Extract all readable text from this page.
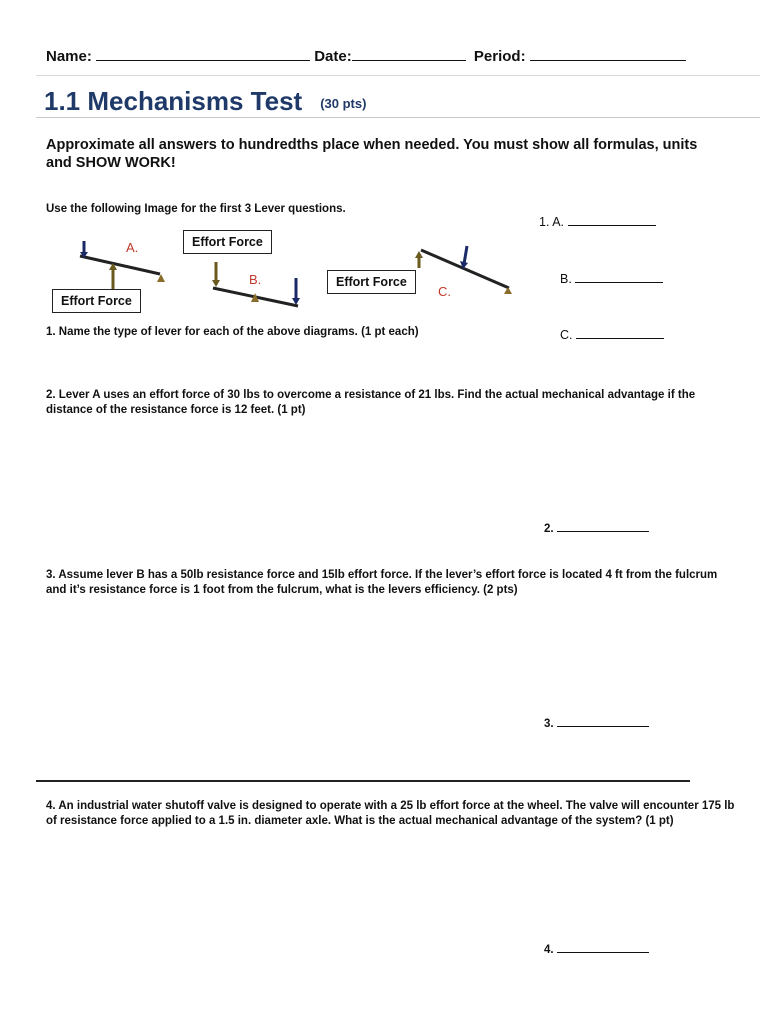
Name:	Date:	Period:
1.1 Mechanisms Test (30 pts)
Approximate all answers to hundredths place when needed. You must show all formulas, units and SHOW WORK!
Use the following Image for the first 3 Lever questions.
A.
B.
C.
Effort Force
Effort Force
Effort Force
1. A.
B.
C.
1. Name the type of lever for each of the above diagrams. (1 pt each)
2. Lever A uses an effort force of 30 lbs to overcome a resistance of 21 lbs. Find the actual mechanical advantage if the distance of the resistance force is 12 feet. (1 pt)
2.
3. Assume lever B has a 50lb resistance force and 15lb effort force. If the lever’s effort force is located 4 ft from the fulcrum and it’s resistance force is 1 foot from the fulcrum, what is the levers efficiency. (2 pts)
3.
4. An industrial water shutoff valve is designed to operate with a 25 lb effort force at the wheel. The valve will encounter 175 lb of resistance force applied to a 1.5 in. diameter axle. What is the actual mechanical advantage of the system? (1 pt)
4.
